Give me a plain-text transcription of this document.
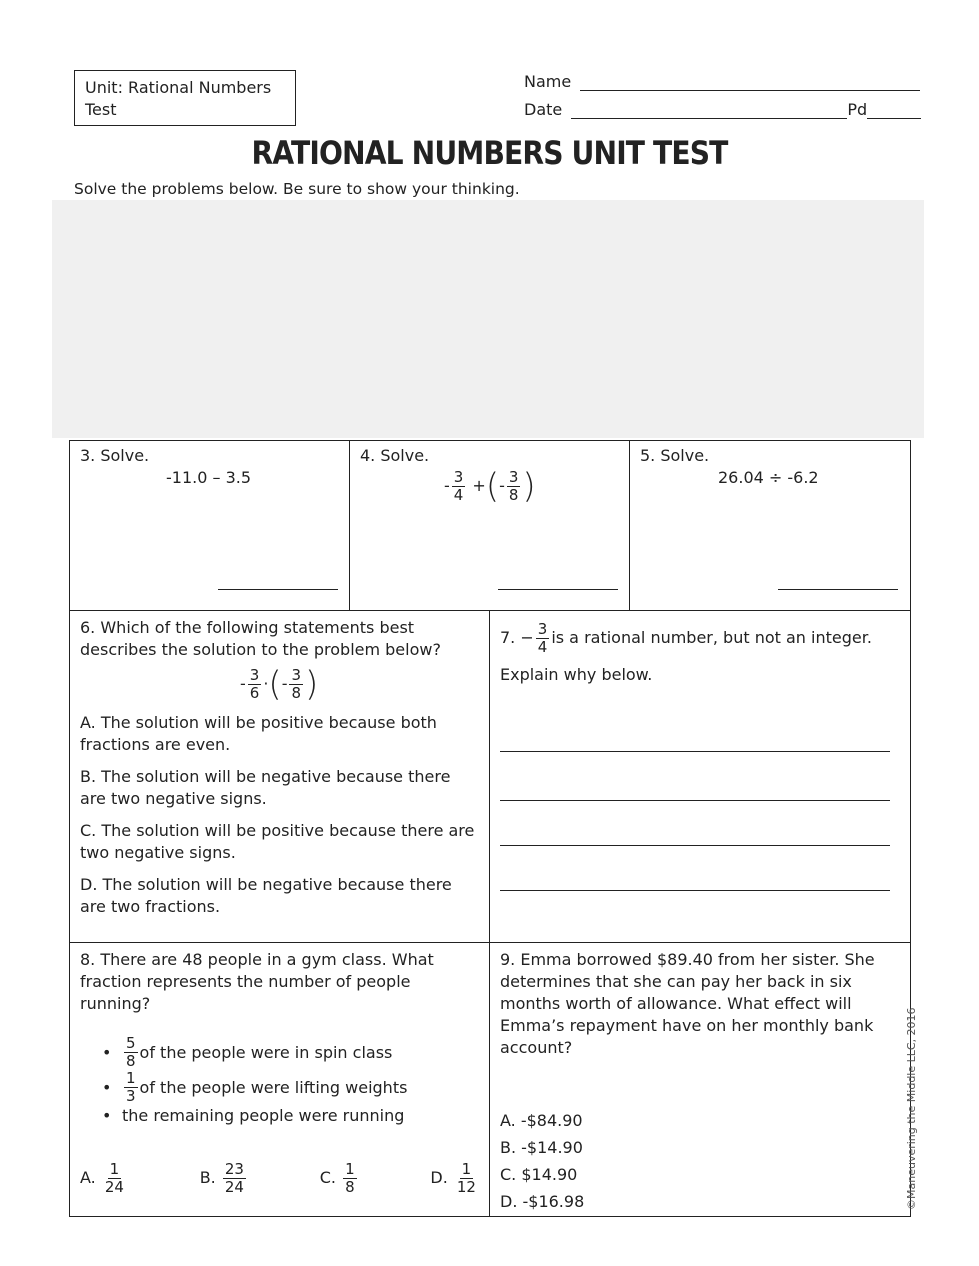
Unit: Rational Numbers
Test
Name
Date	Pd
RATIONAL NUMBERS UNIT TEST
Solve the problems below. Be sure to show your thinking.
3. Solve.
-11.0 – 3.5
4. Solve.
- $\frac{3}{4}$ +(- $\frac{3}{8}$ )
5. Solve.
26.04 ÷ -6.2
6. Which of the following statements best describes the solution to the problem below?
- $\frac{3}{6}$ ·(- $\frac{3}{8}$ )
A. The solution will be positive because both fractions are even.
B. The solution will be negative because there are two negative signs.
C. The solution will be positive because there are two negative signs.
D. The solution will be negative because there are two fractions.
7. − $\frac{3}{4}$ is a rational number, but not an integer.
Explain why below.
8. There are 48 people in a gym class. What fraction represents the number of people running?
• $\frac{5}{8}$ of the people were in spin class
• $\frac{1}{3}$ of the people were lifting weights
• the remaining people were running
A. $\frac{1}{24}$	B. $\frac{23}{24}$	C. $\frac{1}{8}$	D. $\frac{1}{12}$
9. Emma borrowed $89.40 from her sister. She determines that she can pay her back in six months worth of allowance. What effect will Emma’s repayment have on her monthly bank account?
A. -$84.90
B. -$14.90
C. $14.90
D. -$16.98	©Maneuvering the Middle LLC, 2016
